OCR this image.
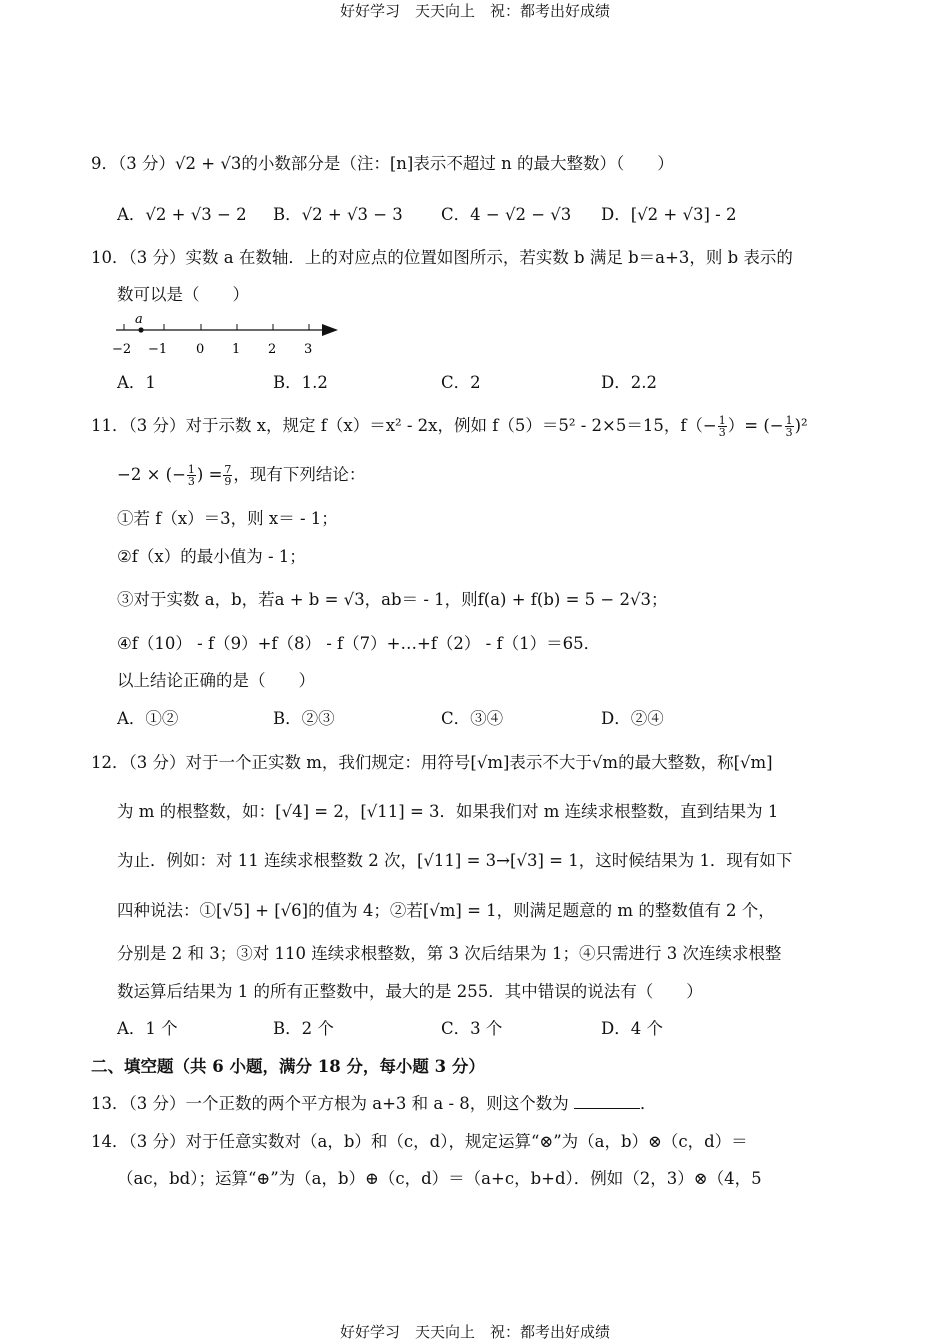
好好学习　天天向上　祝：都考出好成绩
9．（3 分）√2 + √3的小数部分是（注：[n]表示不超过 n 的最大整数）（　　）
A．√2 + √3 − 2 B．√2 + √3 − 3 C．4 − √2 − √3 D．[√2 + √3] - 2
10．（3 分）实数 a 在数轴．上的对应点的位置如图所示，若实数 b 满足 b＝a+3，则 b 表示的
数可以是（　　）
a
−2 −1 0 1 2 3
A．1	B．1.2	C．2	D．2.2
11．（3 分）对于示数 x，规定 f（x）＝x² - 2x，例如 f（5）＝5² - 2×5＝15，$f(- \frac{1}{3}$ ）= (− $\frac{1}{3} )^2$
−2 × (− $\frac{1}{3}$ ) = $\frac{7}{9}$ ，现有下列结论：
①若 f（x）＝3，则 x＝ - 1；
②f（x）的最小值为 - 1；
③对于实数 a，b，若a + b = √3，ab＝ - 1，则f(a) + f(b) = 5 − 2√3；
④f（10） - f（9）+f（8） - f（7）+…+f（2） - f（1）＝65．
以上结论正确的是（　　）
A．①②	B．②③	C．③④	D．②④
12．（3 分）对于一个正实数 m，我们规定：用符号[√m]表示不大于√m的最大整数，称[√m]
为 m 的根整数，如：[√4] = 2，[√11] = 3．如果我们对 m 连续求根整数，直到结果为 1
为止．例如：对 11 连续求根整数 2 次，[√11] = 3→[√3] = 1，这时候结果为 1．现有如下
四种说法：①[√5] + [√6]的值为 4；②若[√m] = 1，则满足题意的 m 的整数值有 2 个，
分别是 2 和 3；③对 110 连续求根整数，第 3 次后结果为 1；④只需进行 3 次连续求根整
数运算后结果为 1 的所有正整数中，最大的是 255．其中错误的说法有（　　）
A．1 个	B．2 个	C．3 个	D．4 个
二、填空题（共 6 小题，满分 18 分，每小题 3 分）
13．（3 分）一个正数的两个平方根为 a+3 和 a - 8，则这个数为	．
14．（3 分）对于任意实数对（a，b）和（c，d），规定运算“⊗”为（a，b）⊗（c，d）＝
（ac，bd）；运算“⊕”为（a，b）⊕（c，d）＝（a+c，b+d）．例如（2，3）⊗（4，5
好好学习　天天向上　祝：都考出好成绩
